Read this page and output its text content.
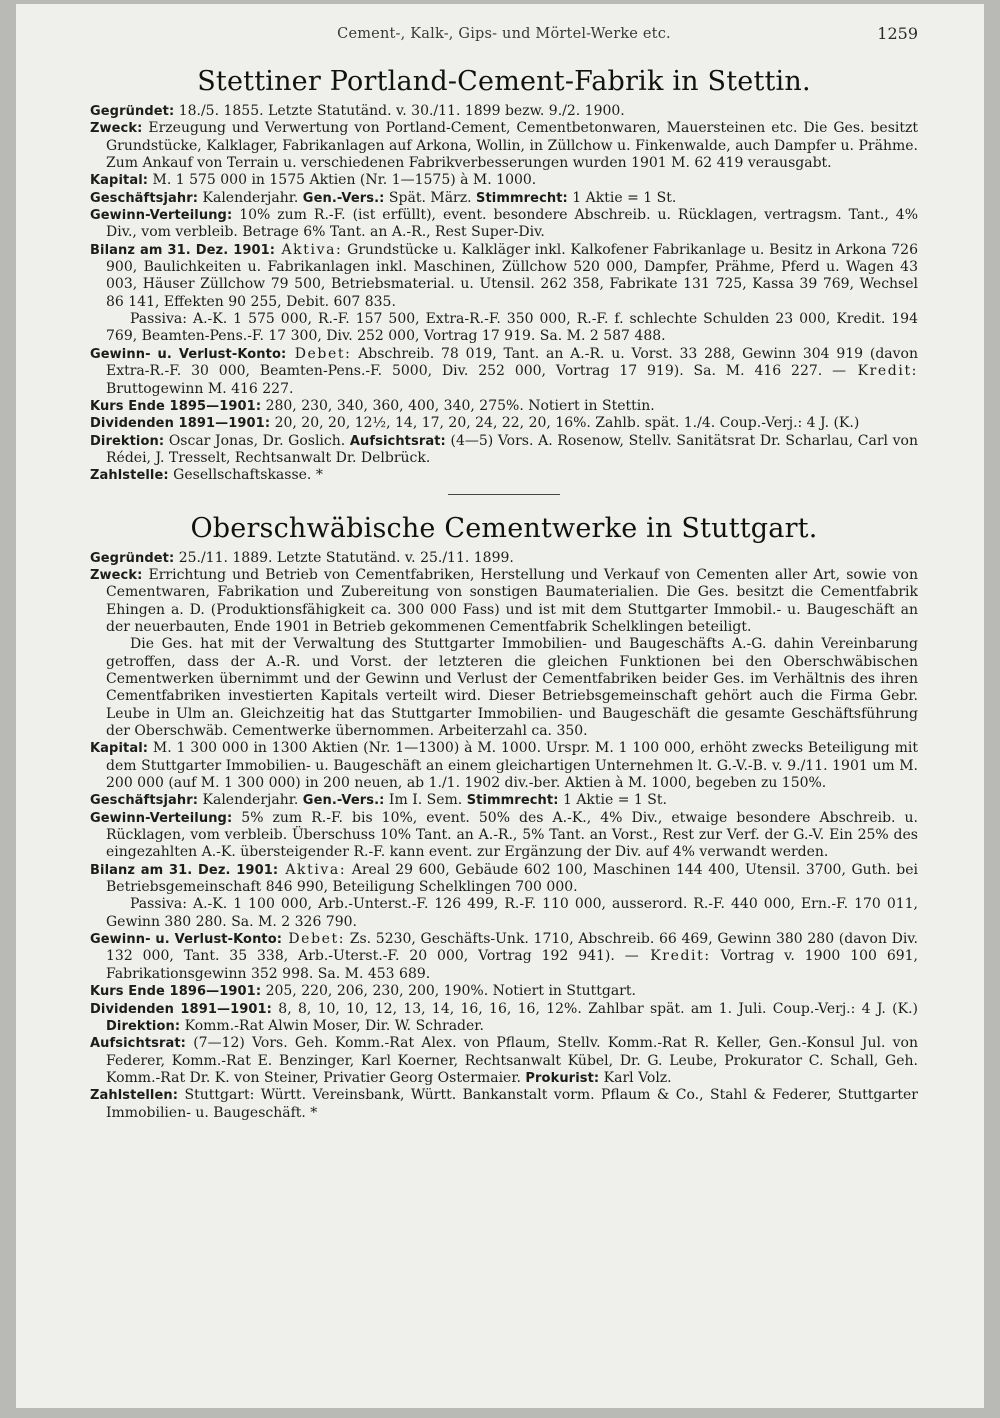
Cement-, Kalk-, Gips- und Mörtel-Werke etc.	1259
Stettiner Portland-Cement-Fabrik in Stettin.

Gegründet: 18./5. 1855. Letzte Statutänd. v. 30./11. 1899 bezw. 9./2. 1900.

Zweck: Erzeugung und Verwertung von Portland-Cement, Cementbetonwaren, Mauersteinen etc. Die Ges. besitzt Grundstücke, Kalklager, Fabrikanlagen auf Arkona, Wollin, in Züllchow u. Finkenwalde, auch Dampfer u. Prähme. Zum Ankauf von Terrain u. verschiedenen Fabrikverbesserungen wurden 1901 M. 62 419 verausgabt.

Kapital: M. 1 575 000 in 1575 Aktien (Nr. 1—1575) à M. 1000.

Geschäftsjahr: Kalenderjahr. Gen.-Vers.: Spät. März. Stimmrecht: 1 Aktie = 1 St.

Gewinn-Verteilung: 10% zum R.-F. (ist erfüllt), event. besondere Abschreib. u. Rücklagen, vertragsm. Tant., 4% Div., vom verbleib. Betrage 6% Tant. an A.-R., Rest Super-Div.

Bilanz am 31. Dez. 1901: Aktiva: Grundstücke u. Kalkläger inkl. Kalkofener Fabrikanlage u. Besitz in Arkona 726 900, Baulichkeiten u. Fabrikanlagen inkl. Maschinen, Züllchow 520 000, Dampfer, Prähme, Pferd u. Wagen 43 003, Häuser Züllchow 79 500, Betriebsmaterial. u. Utensil. 262 358, Fabrikate 131 725, Kassa 39 769, Wechsel 86 141, Effekten 90 255, Debit. 607 835.

Passiva: A.-K. 1 575 000, R.-F. 157 500, Extra-R.-F. 350 000, R.-F. f. schlechte Schulden 23 000, Kredit. 194 769, Beamten-Pens.-F. 17 300, Div. 252 000, Vortrag 17 919. Sa. M. 2 587 488.

Gewinn- u. Verlust-Konto: Debet: Abschreib. 78 019, Tant. an A.-R. u. Vorst. 33 288, Gewinn 304 919 (davon Extra-R.-F. 30 000, Beamten-Pens.-F. 5000, Div. 252 000, Vortrag 17 919). Sa. M. 416 227. — Kredit: Bruttogewinn M. 416 227.

Kurs Ende 1895—1901: 280, 230, 340, 360, 400, 340, 275%. Notiert in Stettin.

Dividenden 1891—1901: 20, 20, 20, 12½, 14, 17, 20, 24, 22, 20, 16%. Zahlb. spät. 1./4. Coup.-Verj.: 4 J. (K.)

Direktion: Oscar Jonas, Dr. Goslich. Aufsichtsrat: (4—5) Vors. A. Rosenow, Stellv. Sanitätsrat Dr. Scharlau, Carl von Rédei, J. Tresselt, Rechtsanwalt Dr. Delbrück.

Zahlstelle: Gesellschaftskasse. *

Oberschwäbische Cementwerke in Stuttgart.

Gegründet: 25./11. 1889. Letzte Statutänd. v. 25./11. 1899.

Zweck: Errichtung und Betrieb von Cementfabriken, Herstellung und Verkauf von Cementen aller Art, sowie von Cementwaren, Fabrikation und Zubereitung von sonstigen Baumaterialien. Die Ges. besitzt die Cementfabrik Ehingen a. D. (Produktionsfähigkeit ca. 300 000 Fass) und ist mit dem Stuttgarter Immobil.- u. Baugeschäft an der neuerbauten, Ende 1901 in Betrieb gekommenen Cementfabrik Schelklingen beteiligt.

Die Ges. hat mit der Verwaltung des Stuttgarter Immobilien- und Baugeschäfts A.-G. dahin Vereinbarung getroffen, dass der A.-R. und Vorst. der letzteren die gleichen Funktionen bei den Oberschwäbischen Cementwerken übernimmt und der Gewinn und Verlust der Cementfabriken beider Ges. im Verhältnis des ihren Cementfabriken investierten Kapitals verteilt wird. Dieser Betriebsgemeinschaft gehört auch die Firma Gebr. Leube in Ulm an. Gleichzeitig hat das Stuttgarter Immobilien- und Baugeschäft die gesamte Geschäftsführung der Oberschwäb. Cementwerke übernommen. Arbeiterzahl ca. 350.

Kapital: M. 1 300 000 in 1300 Aktien (Nr. 1—1300) à M. 1000. Urspr. M. 1 100 000, erhöht zwecks Beteiligung mit dem Stuttgarter Immobilien- u. Baugeschäft an einem gleichartigen Unternehmen lt. G.-V.-B. v. 9./11. 1901 um M. 200 000 (auf M. 1 300 000) in 200 neuen, ab 1./1. 1902 div.-ber. Aktien à M. 1000, begeben zu 150%.

Geschäftsjahr: Kalenderjahr. Gen.-Vers.: Im I. Sem. Stimmrecht: 1 Aktie = 1 St.

Gewinn-Verteilung: 5% zum R.-F. bis 10%, event. 50% des A.-K., 4% Div., etwaige besondere Abschreib. u. Rücklagen, vom verbleib. Überschuss 10% Tant. an A.-R., 5% Tant. an Vorst., Rest zur Verf. der G.-V. Ein 25% des eingezahlten A.-K. übersteigender R.-F. kann event. zur Ergänzung der Div. auf 4% verwandt werden.

Bilanz am 31. Dez. 1901: Aktiva: Areal 29 600, Gebäude 602 100, Maschinen 144 400, Utensil. 3700, Guth. bei Betriebsgemeinschaft 846 990, Beteiligung Schelklingen 700 000.

Passiva: A.-K. 1 100 000, Arb.-Unterst.-F. 126 499, R.-F. 110 000, ausserord. R.-F. 440 000, Ern.-F. 170 011, Gewinn 380 280. Sa. M. 2 326 790.

Gewinn- u. Verlust-Konto: Debet: Zs. 5230, Geschäfts-Unk. 1710, Abschreib. 66 469, Gewinn 380 280 (davon Div. 132 000, Tant. 35 338, Arb.-Uterst.-F. 20 000, Vortrag 192 941). — Kredit: Vortrag v. 1900 100 691, Fabrikationsgewinn 352 998. Sa. M. 453 689.

Kurs Ende 1896—1901: 205, 220, 206, 230, 200, 190%. Notiert in Stuttgart.

Dividenden 1891—1901: 8, 8, 10, 10, 12, 13, 14, 16, 16, 16, 12%. Zahlbar spät. am 1. Juli. Coup.-Verj.: 4 J. (K.) Direktion: Komm.-Rat Alwin Moser, Dir. W. Schrader.

Aufsichtsrat: (7—12) Vors. Geh. Komm.-Rat Alex. von Pflaum, Stellv. Komm.-Rat R. Keller, Gen.-Konsul Jul. von Federer, Komm.-Rat E. Benzinger, Karl Koerner, Rechtsanwalt Kübel, Dr. G. Leube, Prokurator C. Schall, Geh. Komm.-Rat Dr. K. von Steiner, Privatier Georg Ostermaier. Prokurist: Karl Volz.

Zahlstellen: Stuttgart: Württ. Vereinsbank, Württ. Bankanstalt vorm. Pflaum & Co., Stahl & Federer, Stuttgarter Immobilien- u. Baugeschäft. *
